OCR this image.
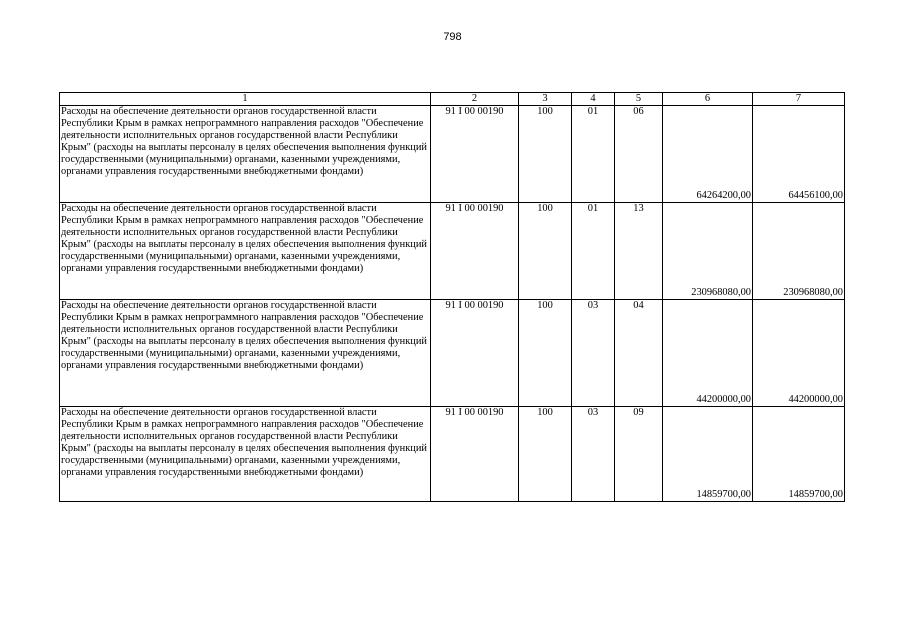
798
1	2	3	4	5	6	7
Расходы на обеспечение деятельности органов государственной власти Республики Крым в рамках непрограммного направления расходов "Обеспечение деятельности исполнительных органов государственной власти Республики Крым" (расходы на выплаты персоналу в целях обеспечения выполнения функций государственными (муниципальными) органами, казенными учреждениями, органами управления государственными внебюджетными фондами)	91 I 00 00190	100	01	06	64264200,00	64456100,00
Расходы на обеспечение деятельности органов государственной власти Республики Крым в рамках непрограммного направления расходов "Обеспечение деятельности исполнительных органов государственной власти Республики Крым" (расходы на выплаты персоналу в целях обеспечения выполнения функций государственными (муниципальными) органами, казенными учреждениями, органами управления государственными внебюджетными фондами)	91 I 00 00190	100	01	13	230968080,00	230968080,00
Расходы на обеспечение деятельности органов государственной власти Республики Крым в рамках непрограммного направления расходов "Обеспечение деятельности исполнительных органов государственной власти Республики Крым" (расходы на выплаты персоналу в целях обеспечения выполнения функций государственными (муниципальными) органами, казенными учреждениями, органами управления государственными внебюджетными фондами)	91 I 00 00190	100	03	04	44200000,00	44200000,00
Расходы на обеспечение деятельности органов государственной власти Республики Крым в рамках непрограммного направления расходов "Обеспечение деятельности исполнительных органов государственной власти Республики Крым" (расходы на выплаты персоналу в целях обеспечения выполнения функций государственными (муниципальными) органами, казенными учреждениями, органами управления государственными внебюджетными фондами)	91 I 00 00190	100	03	09	14859700,00	14859700,00
